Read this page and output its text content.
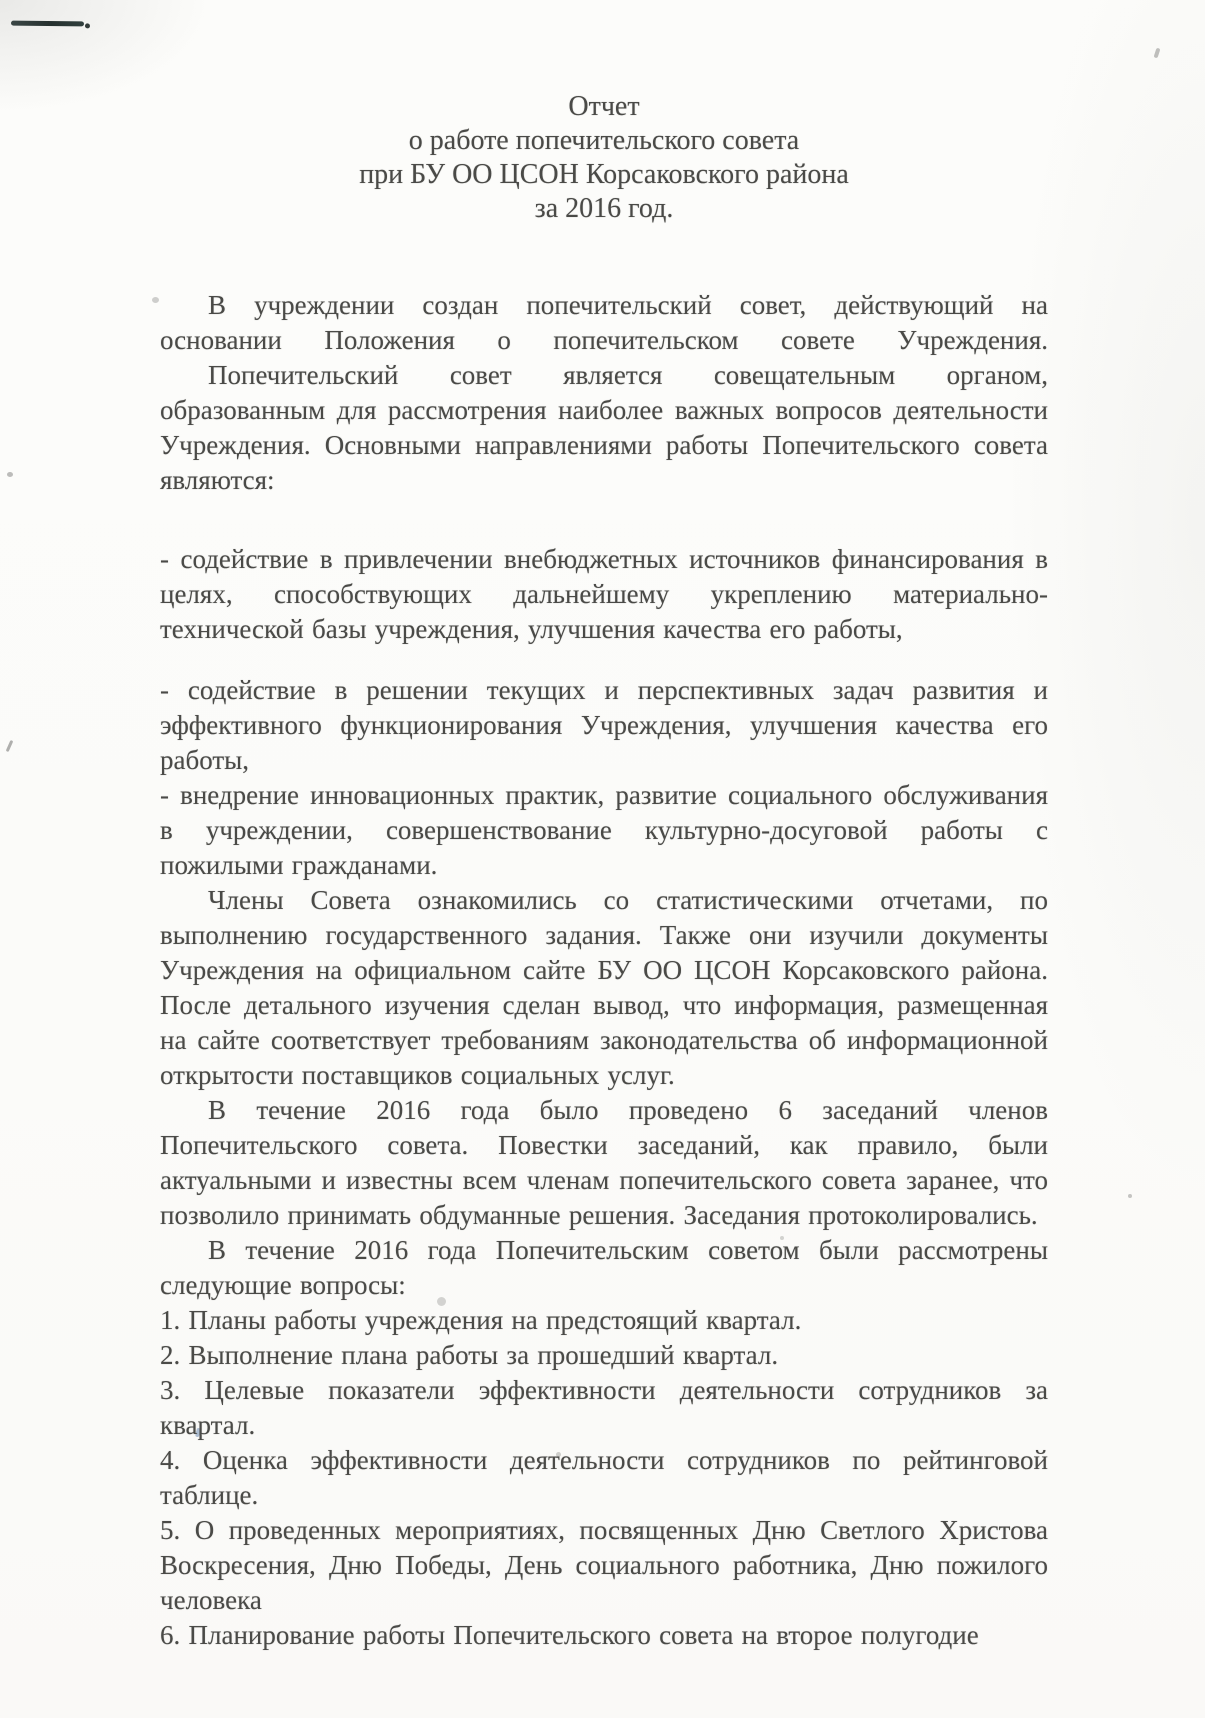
Отчет
о работе попечительского совета
при БУ ОО ЦСОН Корсаковского района
за 2016 год.
В учреждении создан попечительский совет, действующий на основании Положения о попечительском совете Учреждения.
Попечительский совет является совещательным органом, образованным для рассмотрения наиболее важных вопросов деятельности Учреждения. Основными направлениями работы Попечительского совета являются:
- содействие в привлечении внебюджетных источников финансирования в целях, способствующих дальнейшему укреплению материально-технической базы учреждения, улучшения качества его работы,
- содействие в решении текущих и перспективных задач развития и эффективного функционирования Учреждения, улучшения качества его работы,
- внедрение инновационных практик, развитие социального обслуживания в учреждении, совершенствование культурно-досуговой работы с пожилыми гражданами.
Члены Совета ознакомились со статистическими отчетами, по выполнению государственного задания. Также они изучили документы Учреждения на официальном сайте БУ ОО ЦСОН Корсаковского района. После детального изучения сделан вывод, что информация, размещенная на сайте соответствует требованиям законодательства об информационной открытости поставщиков социальных услуг.
В течение 2016 года было проведено 6 заседаний членов Попечительского совета. Повестки заседаний, как правило, были актуальными и известны всем членам попечительского совета заранее, что позволило принимать обдуманные решения. Заседания протоколировались.
В течение 2016 года Попечительским советом были рассмотрены следующие вопросы:
1. Планы работы учреждения на предстоящий квартал.
2. Выполнение плана работы за прошедший квартал.
3. Целевые показатели эффективности деятельности сотрудников за квартал.
4. Оценка эффективности деятельности сотрудников по рейтинговой таблице.
5. О проведенных мероприятиях, посвященных Дню Светлого Христова Воскресения, Дню Победы, День социального работника, Дню пожилого человека
6. Планирование работы Попечительского совета на второе полугодие
